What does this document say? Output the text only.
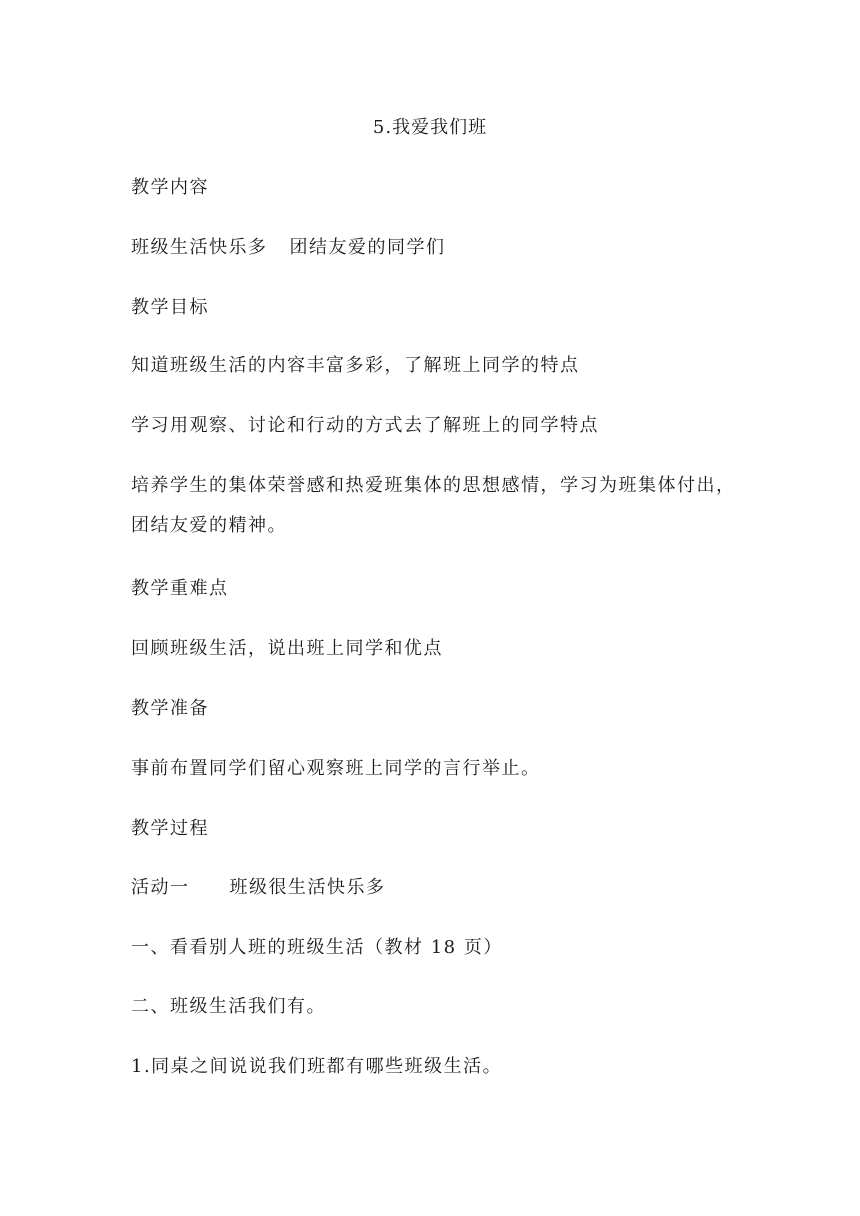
5.我爱我们班
教学内容
班级生活快乐多 团结友爱的同学们
教学目标
知道班级生活的内容丰富多彩，了解班上同学的特点
学习用观察、讨论和行动的方式去了解班上的同学特点
培养学生的集体荣誉感和热爱班集体的思想感情，学习为班集体付出，团结友爱的精神。
教学重难点
回顾班级生活，说出班上同学和优点
教学准备
事前布置同学们留心观察班上同学的言行举止。
教学过程
活动一 班级很生活快乐多
一、看看别人班的班级生活（教材 18 页）
二、班级生活我们有。
1.同桌之间说说我们班都有哪些班级生活。
